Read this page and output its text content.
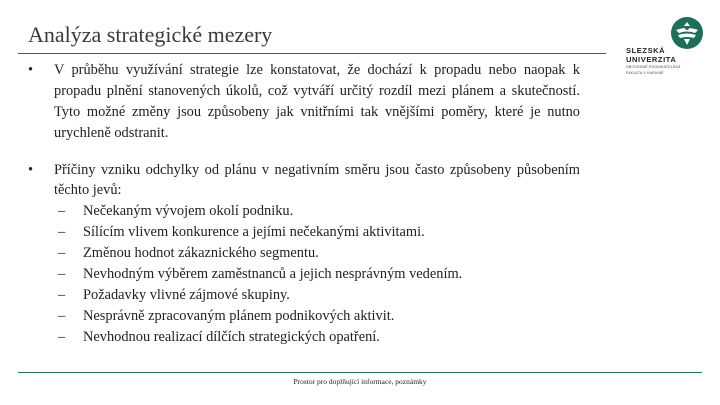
Analýza strategické mezery
SLEZSKÁ
UNIVERZITA
OBCHODNĚ PODNIKATELSKÁ
FAKULTA V KARVINÉ
• V průběhu využívání strategie lze konstatovat, že dochází k propadu nebo naopak k propadu plnění stanovených úkolů, což vytváří určitý rozdíl mezi plánem a skutečností. Tyto možné změny jsou způsobeny jak vnitřními tak vnějšími poměry, které je nutno urychleně odstranit.
• Příčiny vzniku odchylky od plánu v negativním směru jsou často způsobeny působením těchto jevů:
– Nečekaným vývojem okolí podniku.
– Sílícím vlivem konkurence a jejími nečekanými aktivitami.
– Změnou hodnot zákaznického segmentu.
– Nevhodným výběrem zaměstnanců a jejich nesprávným vedením.
– Požadavky vlivné zájmové skupiny.
– Nesprávně zpracovaným plánem podnikových aktivit.
– Nevhodnou realizací dílčích strategických opatření.
Prostor pro doplňující informace, poznámky
